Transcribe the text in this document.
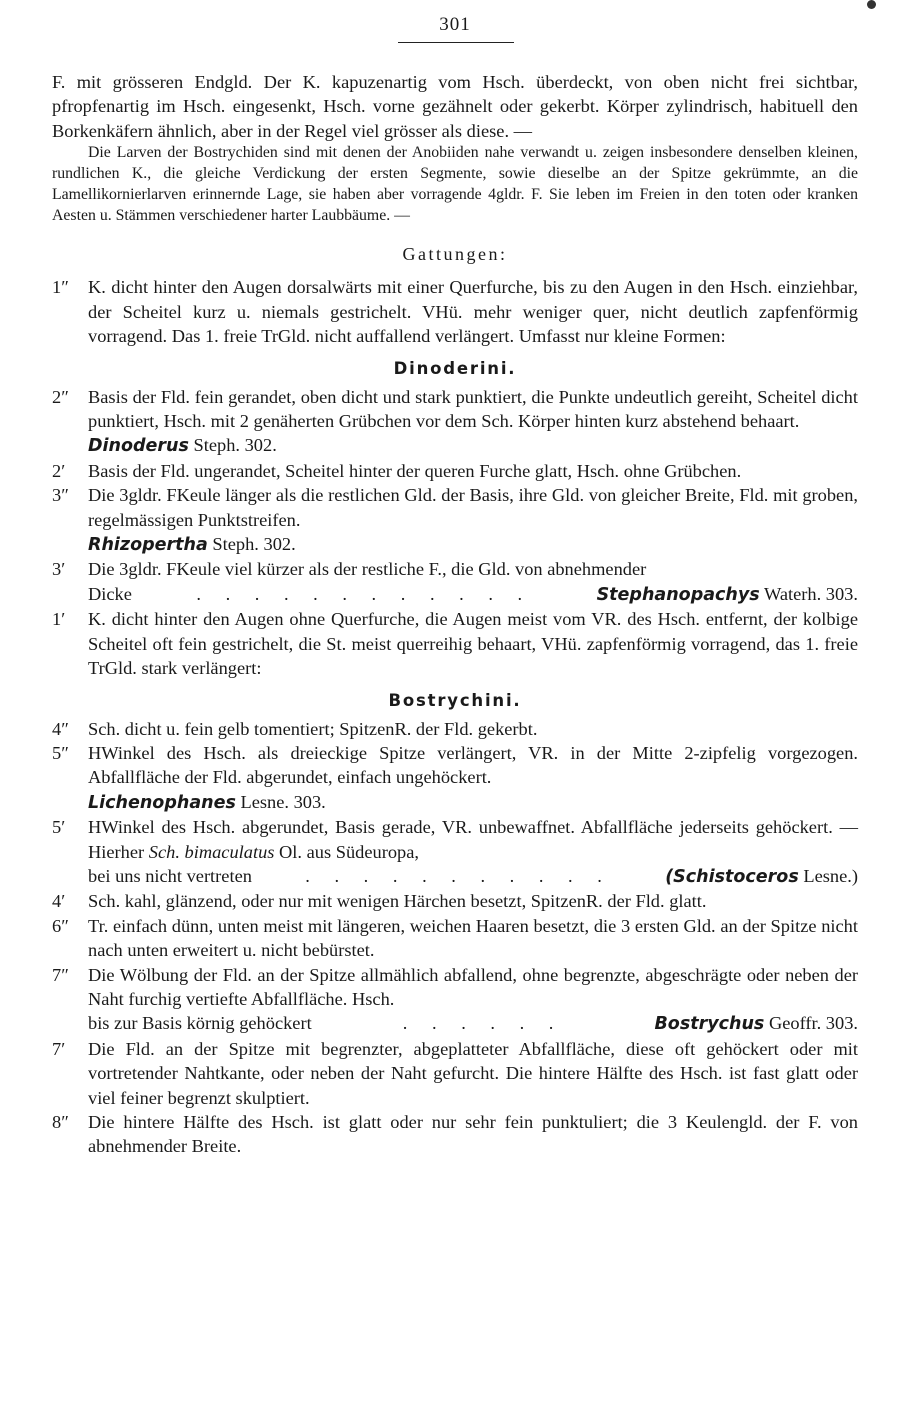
301

F. mit grösseren Endgld. Der K. kapuzenartig vom Hsch. überdeckt, von oben nicht frei sichtbar, pfropfenartig im Hsch. eingesenkt, Hsch. vorne gezähnelt oder gekerbt. Körper zylindrisch, habituell den Borkenkäfern ähnlich, aber in der Regel viel grösser als diese. —

Die Larven der Bostrychiden sind mit denen der Anobiiden nahe verwandt u. zeigen insbesondere denselben kleinen, rundlichen K., die gleiche Verdickung der ersten Segmente, sowie dieselbe an der Spitze gekrümmte, an die Lamellikornierlarven erinnernde Lage, sie haben aber vorragende 4gldr. F. Sie leben im Freien in den toten oder kranken Aesten u. Stämmen verschiedener harter Laubbäume. —

Gattungen:
1″	K. dicht hinter den Augen dorsalwärts mit einer Querfurche, bis zu den Augen in den Hsch. einziehbar, der Scheitel kurz u. niemals gestrichelt. VHü. mehr weniger quer, nicht deutlich zapfenförmig vorragend. Das 1. freie TrGld. nicht auffallend verlängert. Umfasst nur kleine Formen:
Dinoderini.
2″	Basis der Fld. fein gerandet, oben dicht und stark punktiert, die Punkte undeutlich gereiht, Scheitel dicht punktiert, Hsch. mit 2 genäherten Grübchen vor dem Sch. Körper hinten kurz abstehend behaart.
Dinoderus Steph. 302.
2′	Basis der Fld. ungerandet, Scheitel hinter der queren Furche glatt, Hsch. ohne Grübchen.
3″	Die 3gldr. FKeule länger als die restlichen Gld. der Basis, ihre Gld. von gleicher Breite, Fld. mit groben, regelmässigen Punktstreifen.
Rhizopertha Steph. 302.
3′	Die 3gldr. FKeule viel kürzer als der restliche F., die Gld. von abnehmender
Dicke	. . . . . . . . . . . .	Stephanopachys Waterh. 303.
1′	K. dicht hinter den Augen ohne Querfurche, die Augen meist vom VR. des Hsch. entfernt, der kolbige Scheitel oft fein gestrichelt, die St. meist querreihig behaart, VHü. zapfenförmig vorragend, das 1. freie TrGld. stark verlängert:
Bostrychini.
4″	Sch. dicht u. fein gelb tomentiert; SpitzenR. der Fld. gekerbt.
5″	HWinkel des Hsch. als dreieckige Spitze verlängert, VR. in der Mitte 2-zipfelig vorgezogen. Abfallfläche der Fld. abgerundet, einfach ungehöckert.
Lichenophanes Lesne. 303.
5′	HWinkel des Hsch. abgerundet, Basis gerade, VR. unbewaffnet. Abfallfläche jederseits gehöckert. — Hierher Sch. bimaculatus Ol. aus Südeuropa,
bei uns nicht vertreten	. . . . . . . . . . .	(Schistoceros Lesne.)
4′	Sch. kahl, glänzend, oder nur mit wenigen Härchen besetzt, SpitzenR. der Fld. glatt.
6″	Tr. einfach dünn, unten meist mit längeren, weichen Haaren besetzt, die 3 ersten Gld. an der Spitze nicht nach unten erweitert u. nicht bebürstet.
7″	Die Wölbung der Fld. an der Spitze allmählich abfallend, ohne begrenzte, abgeschrägte oder neben der Naht furchig vertiefte Abfallfläche. Hsch.
bis zur Basis körnig gehöckert	. . . . . .	Bostrychus Geoffr. 303.
7′	Die Fld. an der Spitze mit begrenzter, abgeplatteter Abfallfläche, diese oft gehöckert oder mit vortretender Nahtkante, oder neben der Naht gefurcht. Die hintere Hälfte des Hsch. ist fast glatt oder viel feiner begrenzt skulptiert.
8″	Die hintere Hälfte des Hsch. ist glatt oder nur sehr fein punktuliert; die 3 Keulengld. der F. von abnehmender Breite.
